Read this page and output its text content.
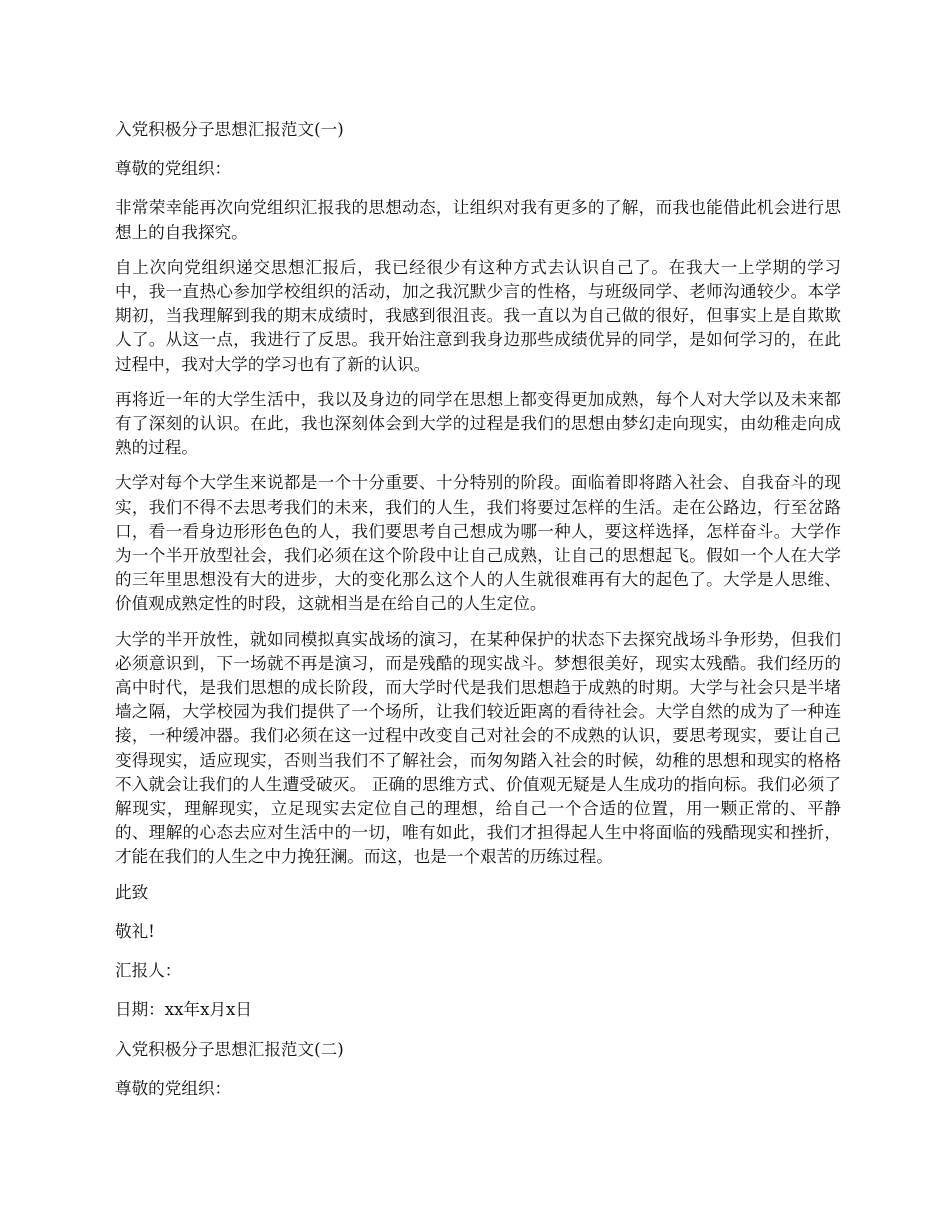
入党积极分子思想汇报范文(一)

尊敬的党组织：

非常荣幸能再次向党组织汇报我的思想动态，让组织对我有更多的了解，而我也能借此机会进行思想上的自我探究。

自上次向党组织递交思想汇报后，我已经很少有这种方式去认识自己了。在我大一上学期的学习中，我一直热心参加学校组织的活动，加之我沉默少言的性格，与班级同学、老师沟通较少。本学期初，当我理解到我的期末成绩时，我感到很沮丧。我一直以为自己做的很好，但事实上是自欺欺人了。从这一点，我进行了反思。我开始注意到我身边那些成绩优异的同学，是如何学习的，在此过程中，我对大学的学习也有了新的认识。

再将近一年的大学生活中，我以及身边的同学在思想上都变得更加成熟，每个人对大学以及未来都有了深刻的认识。在此，我也深刻体会到大学的过程是我们的思想由梦幻走向现实，由幼稚走向成熟的过程。

大学对每个大学生来说都是一个十分重要、十分特别的阶段。面临着即将踏入社会、自我奋斗的现实，我们不得不去思考我们的未来，我们的人生，我们将要过怎样的生活。走在公路边，行至岔路口，看一看身边形形色色的人，我们要思考自己想成为哪一种人，要这样选择，怎样奋斗。大学作为一个半开放型社会，我们必须在这个阶段中让自己成熟，让自己的思想起飞。假如一个人在大学的三年里思想没有大的进步，大的变化那么这个人的人生就很难再有大的起色了。大学是人思维、价值观成熟定性的时段，这就相当是在给自己的人生定位。

大学的半开放性，就如同模拟真实战场的演习，在某种保护的状态下去探究战场斗争形势，但我们必须意识到，下一场就不再是演习，而是残酷的现实战斗。梦想很美好，现实太残酷。我们经历的高中时代，是我们思想的成长阶段，而大学时代是我们思想趋于成熟的时期。大学与社会只是半堵墙之隔，大学校园为我们提供了一个场所，让我们较近距离的看待社会。大学自然的成为了一种连接，一种缓冲器。我们必须在这一过程中改变自己对社会的不成熟的认识，要思考现实，要让自己变得现实，适应现实，否则当我们不了解社会，而匆匆踏入社会的时候，幼稚的思想和现实的格格不入就会让我们的人生遭受破灭。 正确的思维方式、价值观无疑是人生成功的指向标。我们必须了解现实，理解现实，立足现实去定位自己的理想，给自己一个合适的位置，用一颗正常的、平静的、理解的心态去应对生活中的一切，唯有如此，我们才担得起人生中将面临的残酷现实和挫折，才能在我们的人生之中力挽狂澜。而这，也是一个艰苦的历练过程。

此致

敬礼!

汇报人：

日期：xx年x月x日

入党积极分子思想汇报范文(二)

尊敬的党组织：
